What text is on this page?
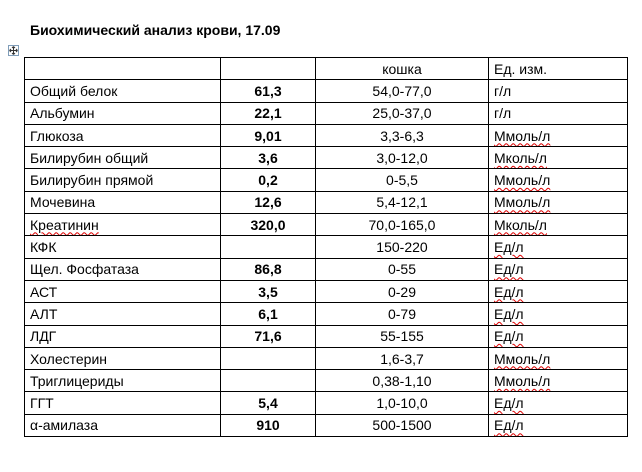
Биохимический анализ крови, 17.09
		кошка	Ед. изм.
Общий белок	61,3	54,0-77,0	г/л
Альбумин	22,1	25,0-37,0	г/л
Глюкоза	9,01	3,3-6,3	Ммоль/л
Билирубин общий	3,6	3,0-12,0	Мколь/л
Билирубин прямой	0,2	0-5,5	Ммоль/л
Мочевина	12,6	5,4-12,1	Ммоль/л
Креатинин	320,0	70,0-165,0	Мколь/л
КФК		150-220	Ед/л
Щел. Фосфатаза	86,8	0-55	Ед/л
АСТ	3,5	0-29	Ед/л
АЛТ	6,1	0-79	Ед/л
ЛДГ	71,6	55-155	Ед/л
Холестерин		1,6-3,7	Ммоль/л
Триглицериды		0,38-1,10	Ммоль/л
ГГТ	5,4	1,0-10,0	Ед/л
α-амилаза	910	500-1500	Ед/л
